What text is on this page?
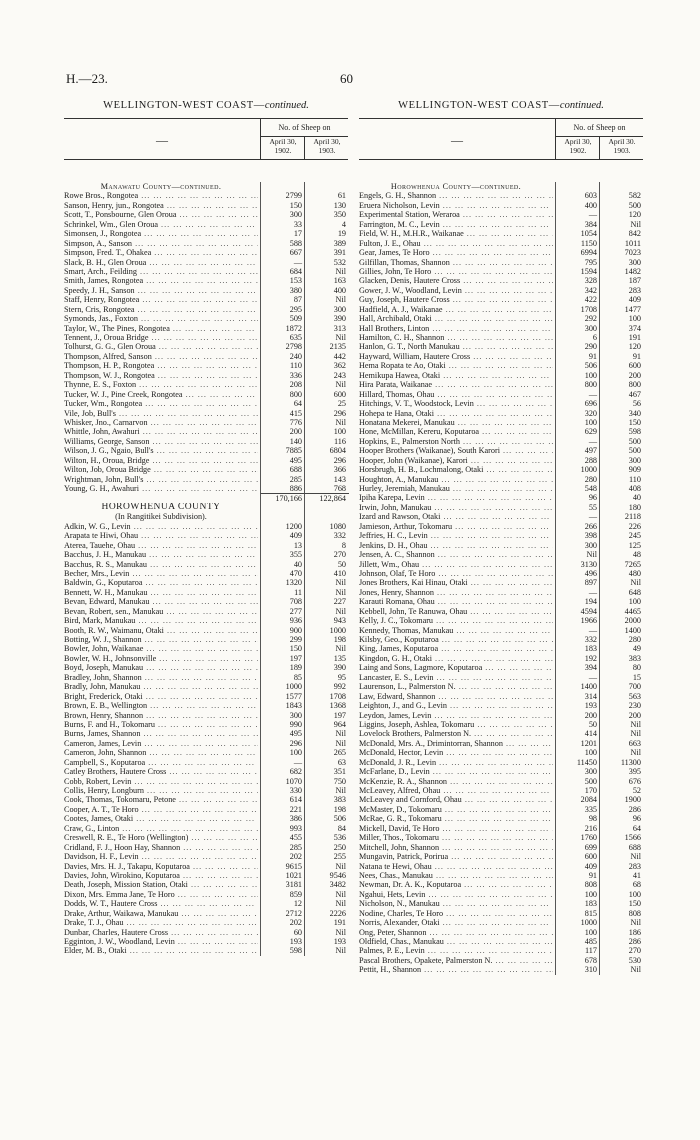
H.—23.	60
WELLINGTON-WEST COAST—continued.
—
No. of Sheep on
April 30, 1902.
April 30, 1903.
Manawatu County—continued.
Rowe Bros., Rongotea ... .	2799	61
Sanson, Henry, jun., Rongotea ... .	150	130
Scott, T., Ponsbourne, Glen Oroua ... .	300	350
Schrinkel, Wm., Glen Oroua ... .	33	4
Simonsen, J., Rongotea ... .	17	19
Simpson, A., Sanson ... .	588	389
Simpson, Fred. T., Ohakea ... .	667	391
Slack, B. H., Glen Oroua ... .	—	532
Smart, Arch., Feilding ... .	684	Nil
Smith, James, Rongotea ... .	153	163
Speedy, J. H., Sanson ... .	380	400
Staff, Henry, Rongotea ... .	87	Nil
Stern, Cris, Rongotea ... .	295	300
Symonds, Jas., Foxton ... .	509	390
Taylor, W., The Pines, Rongotea ... .	1872	313
Tennent, J., Oroua Bridge ... .	635	Nil
Tolhurst, G. G., Glen Oroua ... .	2798	2135
Thompson, Alfred, Sanson ... .	240	442
Thompson, H. P., Rongotea ... .	110	362
Thompson, W. J., Rongotea ... .	336	243
Thynne, E. S., Foxton ... .	208	Nil
Tucker, W. J., Pine Creek, Rongotea ... .	800	600
Tucker, Wm., Rongotea ... .	64	25
Vile, Job, Bull's ... .	415	296
Whisker, Jno., Carnarvon ... .	776	Nil
Whittle, John, Awahuri ... .	200	100
Williams, George, Sanson ... .	140	116
Wilson, J. G., Ngaio, Bull's ... .	7885	6804
Wilton, H., Oroua, Bridge ... .	495	296
Wilton, Job, Oroua Bridge ... .	688	366
Wrightman, John, Bull's ... .	285	143
Young, G. H., Awahuri ... .	886	768
170,166	122,864
HOROWHENUA COUNTY
(In Rangitikei Subdivision).
Adkin, W. G., Levin ... .	1200	1080
Arapata te Hiwi, Ohau ... .	409	332
Aterea, Tauehe, Ohau ... .	13	8
Bacchus, J. H., Manukau ... .	355	270
Bacchus, R. S., Manukau ... .	40	50
Becher, Mrs., Levin ... .	470	410
Baldwin, G., Koputaroa ... .	1320	Nil
Bennett, W. H., Manukau ... .	11	Nil
Bevan, Edward, Manukau ... .	708	227
Bevan, Robert, sen., Manukau ... .	277	Nil
Bird, Mark, Manukau ... .	936	943
Booth, R. W., Waimanu, Otaki ... .	900	1000
Botting, W. J., Shannon ... .	299	198
Bowler, John, Waikanae ... .	150	Nil
Bowler, W. H., Johnsonville ... .	197	135
Boyd, Joseph, Manukau ... .	189	390
Bradley, John, Shannon ... .	85	95
Bradly, John, Manukau ... .	1000	992
Bright, Frederick, Otaki ... .	1577	1708
Brown, E. B., Wellington ... .	1843	1368
Brown, Henry, Shannon ... .	300	197
Burns, F. and H., Tokomaru ... .	990	964
Burns, James, Shannon ... .	495	Nil
Cameron, James, Levin ... .	296	Nil
Cameron, John, Shannon ... .	100	265
Campbell, S., Koputaroa ... .	—	63
Catley Brothers, Hautere Cross ... .	682	351
Cobb, Robert, Levin ... .	1070	750
Collis, Henry, Longburn ... .	330	Nil
Cook, Thomas, Tokomaru, Petone ... .	614	383
Cooper, A. T., Te Horo ... .	221	198
Cootes, James, Otaki ... .	386	506
Craw, G., Linton ... .	993	84
Creswell, R. E., Te Horo (Wellington) ... .	455	536
Cridland, F. J., Hoon Hay, Shannon ... .	285	250
Davidson, H. F., Levin ... .	202	255
Davies, Mrs. H. J., Takapu, Koputaroa ... .	9615	Nil
Davies, John, Wirokino, Koputaroa ... .	1021	9546
Death, Joseph, Mission Station, Otaki ... .	3181	3482
Dixon, Mrs. Emma Jane, Te Horo ... .	859	Nil
Dodds, W. T., Hautere Cross ... .	12	Nil
Drake, Arthur, Waikawa, Manukau ... .	2712	2226
Drake, T. J., Ohau ... .	202	191
Dunbar, Charles, Hautere Cross ... .	60	Nil
Egginton, J. W., Woodland, Levin ... .	193	193
Elder, M. B., Otaki ... .	598	Nil
WELLINGTON-WEST COAST—continued.
—
No. of Sheep on
April 30, 1902.
April 30. 1903.
Horowhenua County—continued.
Engels, G. H., Shannon ... .	603	582
Eruera Nicholson, Levin ... .	400	500
Experimental Station, Weraroa ... .	—	120
Farrington, M. C., Levin ... .	384	Nil
Field, W. H., M.H.R., Waikanae ... .	1054	842
Fulton, J. E., Ohau ... .	1150	1011
Gear, James, Te Horo ... .	6994	7023
Gilfillan, Thomas, Shannon ... .	795	300
Gillies, John, Te Horo ... .	1594	1482
Glacken, Denis, Hautere Cross ... .	328	187
Gower, J. W., Woodland, Levin ... .	342	283
Guy, Joseph, Hautere Cross ... .	422	409
Hadfield, A. J., Waikanae ... .	1708	1477
Hall, Archibald, Otaki ... .	292	100
Hall Brothers, Linton ... .	300	374
Hamilton, C. H., Shannon ... .	6	191
Hanlon, G. T., North Manukau ... .	290	120
Hayward, William, Hautere Cross ... .	91	91
Hema Ropata te Ao, Otaki ... .	506	600
Hemikupa Hawea, Otaki ... .	100	200
Hira Parata, Waikanae ... .	800	800
Hillard, Thomas, Ohau ... .	—	467
Hitchings, V. T., Woodstock, Levin ... .	696	56
Hohepa te Hana, Otaki ... .	320	340
Honatana Mekerei, Manukau ... .	100	150
Hone, McMillan, Kereru, Koputaroa ... .	629	598
Hopkins, E., Palmerston North ... .	—	500
Hooper Brothers (Waikanae), South Karori ... .	497	500
Hooper, John (Waikanae), Karori ... .	288	300
Horsbrugh, H. B., Lochmalong, Otaki ... .	1000	909
Houghton, A., Manukau ... .	280	110
Hurley, Jeremiah, Manukau ... .	548	408
Ipiha Karepa, Levin ... .	96	40
Irwin, John, Manukau ... .	55	180
Izard and Rawson, Otaki ... .	—	2118
Jamieson, Arthur, Tokomaru ... .	266	226
Jeffries, H. C., Levin ... .	398	245
Jenkins, D. H., Ohau ... .	300	125
Jensen, A. C., Shannon ... .	Nil	48
Jillett, Wm., Ohau ... .	3130	7265
Johnson, Olaf, Te Horo ... .	496	480
Jones Brothers, Kai Hinau, Otaki ... .	897	Nil
Jones, Henry, Shannon ... .	—	648
Karauti Romana, Ohau ... .	194	100
Kebbell, John, Te Ranuwa, Ohau ... .	4594	4465
Kelly, J. C., Tokomaru ... .	1966	2000
Kennedy, Thomas, Manukau ... .	—	1400
Kilsby, Geo., Koputaroa ... .	332	280
King, James, Koputaroa ... .	183	49
Kingdon, G. H., Otaki ... .	192	383
Laing and Sons, Lagmore, Koputaroa ... .	394	80
Lancaster, E. S., Levin ... .	—	15
Laurenson, L., Palmerston N. ... .	1400	700
Law, Edward, Shannon ... .	314	563
Leighton, J., and G., Levin ... .	193	230
Leydon, James, Levin ... .	200	200
Liggins, Joseph, Ashlea, Tokomaru ... .	50	Nil
Lovelock Brothers, Palmerston N. ... .	414	Nil
McDonald, Mrs. A., Drimintorran, Shannon ... .	1201	663
McDonald, Hector, Levin ... .	100	Nil
McDonald, J. R., Levin ... .	11450	11300
McFarlane, D., Levin ... .	300	395
McKenzie, R. A., Shannon ... .	500	676
McLeavey, Alfred, Ohau ... .	170	52
McLeavey and Cornford, Ohau ... .	2084	1900
McMaster, D., Tokomaru ... .	335	286
McRae, G. R., Tokomaru ... .	98	96
Mickell, David, Te Horo ... .	216	64
Miller, Thos., Tokomaru ... .	1760	1566
Mitchell, John, Shannon ... .	699	688
Mungavin, Patrick, Porirua ... .	600	Nil
Natana te Hewi, Ohau ... .	409	283
Nees, Chas., Manukau ... .	91	41
Newman, Dr. A. K., Koputaroa ... .	808	68
Ngahui, Hets, Levin ... .	100	100
Nicholson, N., Manukau ... .	183	150
Nodine, Charles, Te Horo ... .	815	808
Norris, Alexander, Otaki ... .	1000	Nil
Ong, Peter, Shannon ... .	100	186
Oldfield, Chas., Manukau ... .	485	286
Palmes, P. E., Levin ... .	117	270
Pascal Brothers, Opakete, Palmerston N. ... .	678	530
Pettit, H., Shannon ... .	310	Nil
